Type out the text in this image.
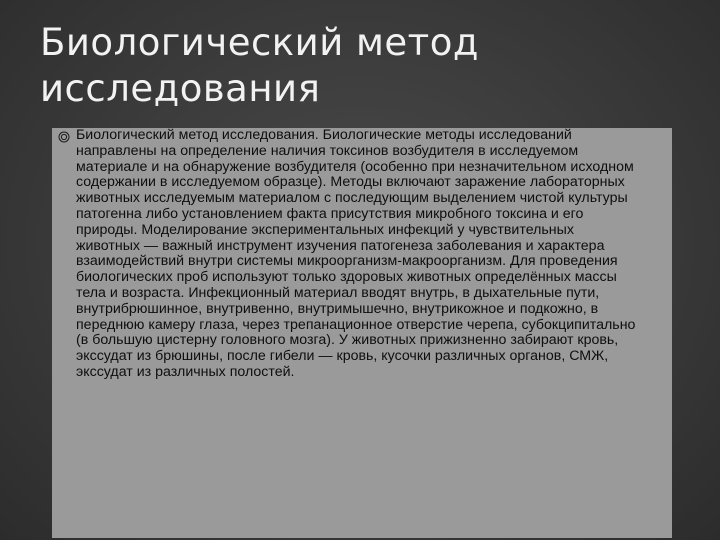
Биологический метод исследования

Биологический метод исследования. Биологические методы исследований направлены на определение наличия токсинов возбудителя в исследуемом материале и на обнаружение возбудителя (особенно при незначительном исходном содержании в исследуемом образце). Методы включают заражение лабораторных животных исследуемым материалом с последующим выделением чистой культуры патогенна либо установлением факта присутствия микробного токсина и его природы. Моделирование экспериментальных инфекций у чувствительных животных — важный инструмент изучения патогенеза заболевания и характера взаимодействий внутри системы микроорганизм-макроорганизм. Для проведения биологических проб используют только здоровых животных определённых массы тела и возраста. Инфекционный материал вводят внутрь, в дыхательные пути, внутрибрюшинное, внутривенно, внутримышечно, внутрикожное и подкожно, в переднюю камеру глаза, через трепанационное отверстие черепа, субокципитально (в большую цистерну головного мозга). У животных прижизненно забирают кровь, экссудат из брюшины, после гибели — кровь, кусочки различных органов, СМЖ, экссудат из различных полостей.
